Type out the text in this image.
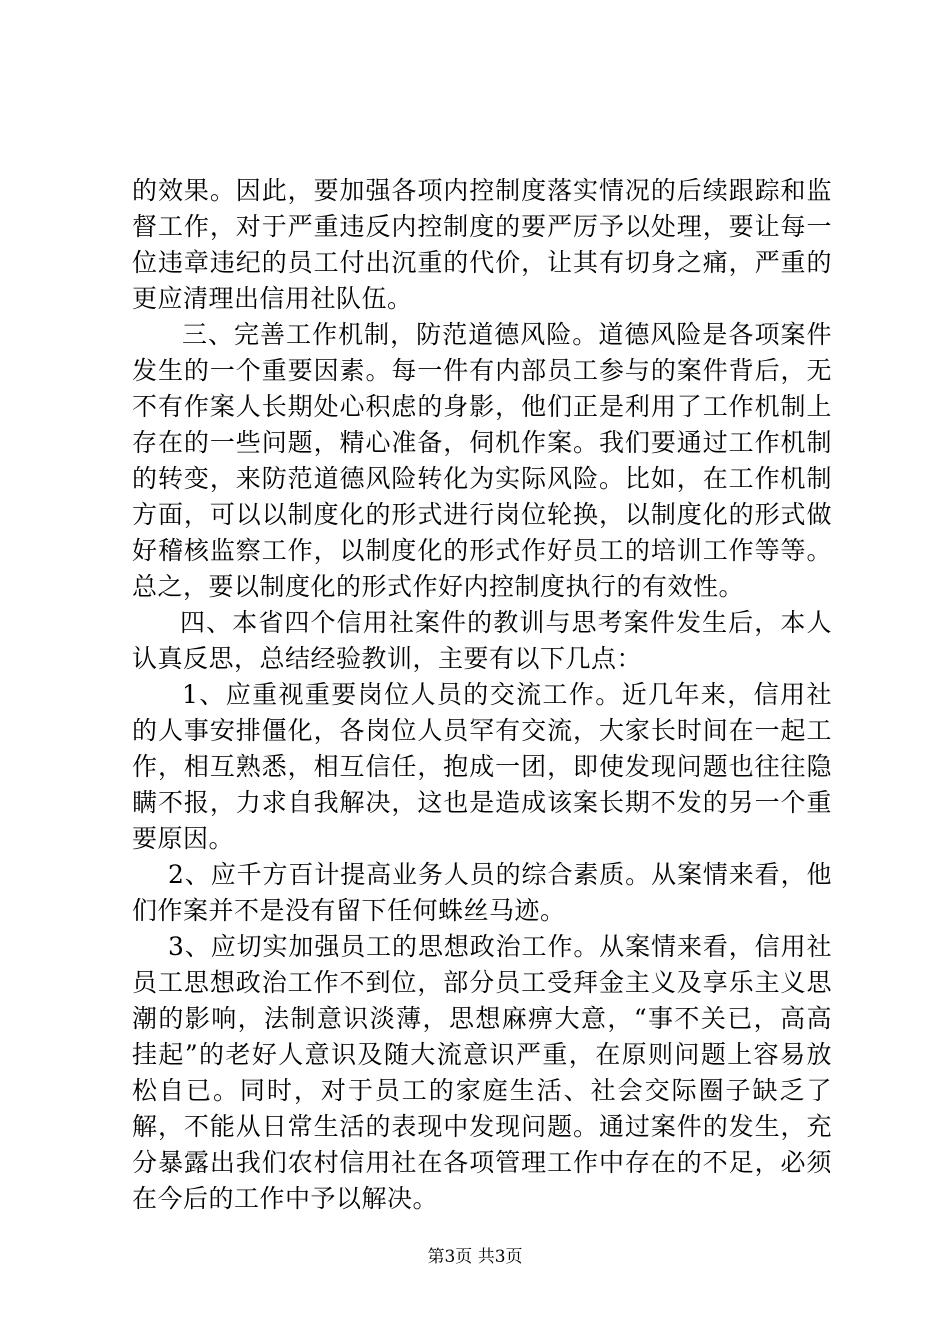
的效果。因此，要加强各项内控制度落实情况的后续跟踪和监督工作，对于严重违反内控制度的要严厉予以处理，要让每一位违章违纪的员工付出沉重的代价，让其有切身之痛，严重的更应清理出信用社队伍。

三、完善工作机制，防范道德风险。道德风险是各项案件发生的一个重要因素。每一件有内部员工参与的案件背后，无不有作案人长期处心积虑的身影，他们正是利用了工作机制上存在的一些问题，精心准备，伺机作案。我们要通过工作机制的转变，来防范道德风险转化为实际风险。比如，在工作机制方面，可以以制度化的形式进行岗位轮换，以制度化的形式做好稽核监察工作，以制度化的形式作好员工的培训工作等等。总之，要以制度化的形式作好内控制度执行的有效性。

四、本省四个信用社案件的教训与思考案件发生后，本人认真反思，总结经验教训，主要有以下几点：

1、应重视重要岗位人员的交流工作。近几年来，信用社的人事安排僵化，各岗位人员罕有交流，大家长时间在一起工作，相互熟悉，相互信任，抱成一团，即使发现问题也往往隐瞒不报，力求自我解决，这也是造成该案长期不发的另一个重要原因。

2、应千方百计提高业务人员的综合素质。从案情来看，他们作案并不是没有留下任何蛛丝马迹。

3、应切实加强员工的思想政治工作。从案情来看，信用社员工思想政治工作不到位，部分员工受拜金主义及享乐主义思潮的影响，法制意识淡薄，思想麻痹大意，“事不关已，高高挂起”的老好人意识及随大流意识严重，在原则问题上容易放松自已。同时，对于员工的家庭生活、社会交际圈子缺乏了解，不能从日常生活的表现中发现问题。通过案件的发生，充分暴露出我们农村信用社在各项管理工作中存在的不足，必须在今后的工作中予以解决。

第3页 共3页
